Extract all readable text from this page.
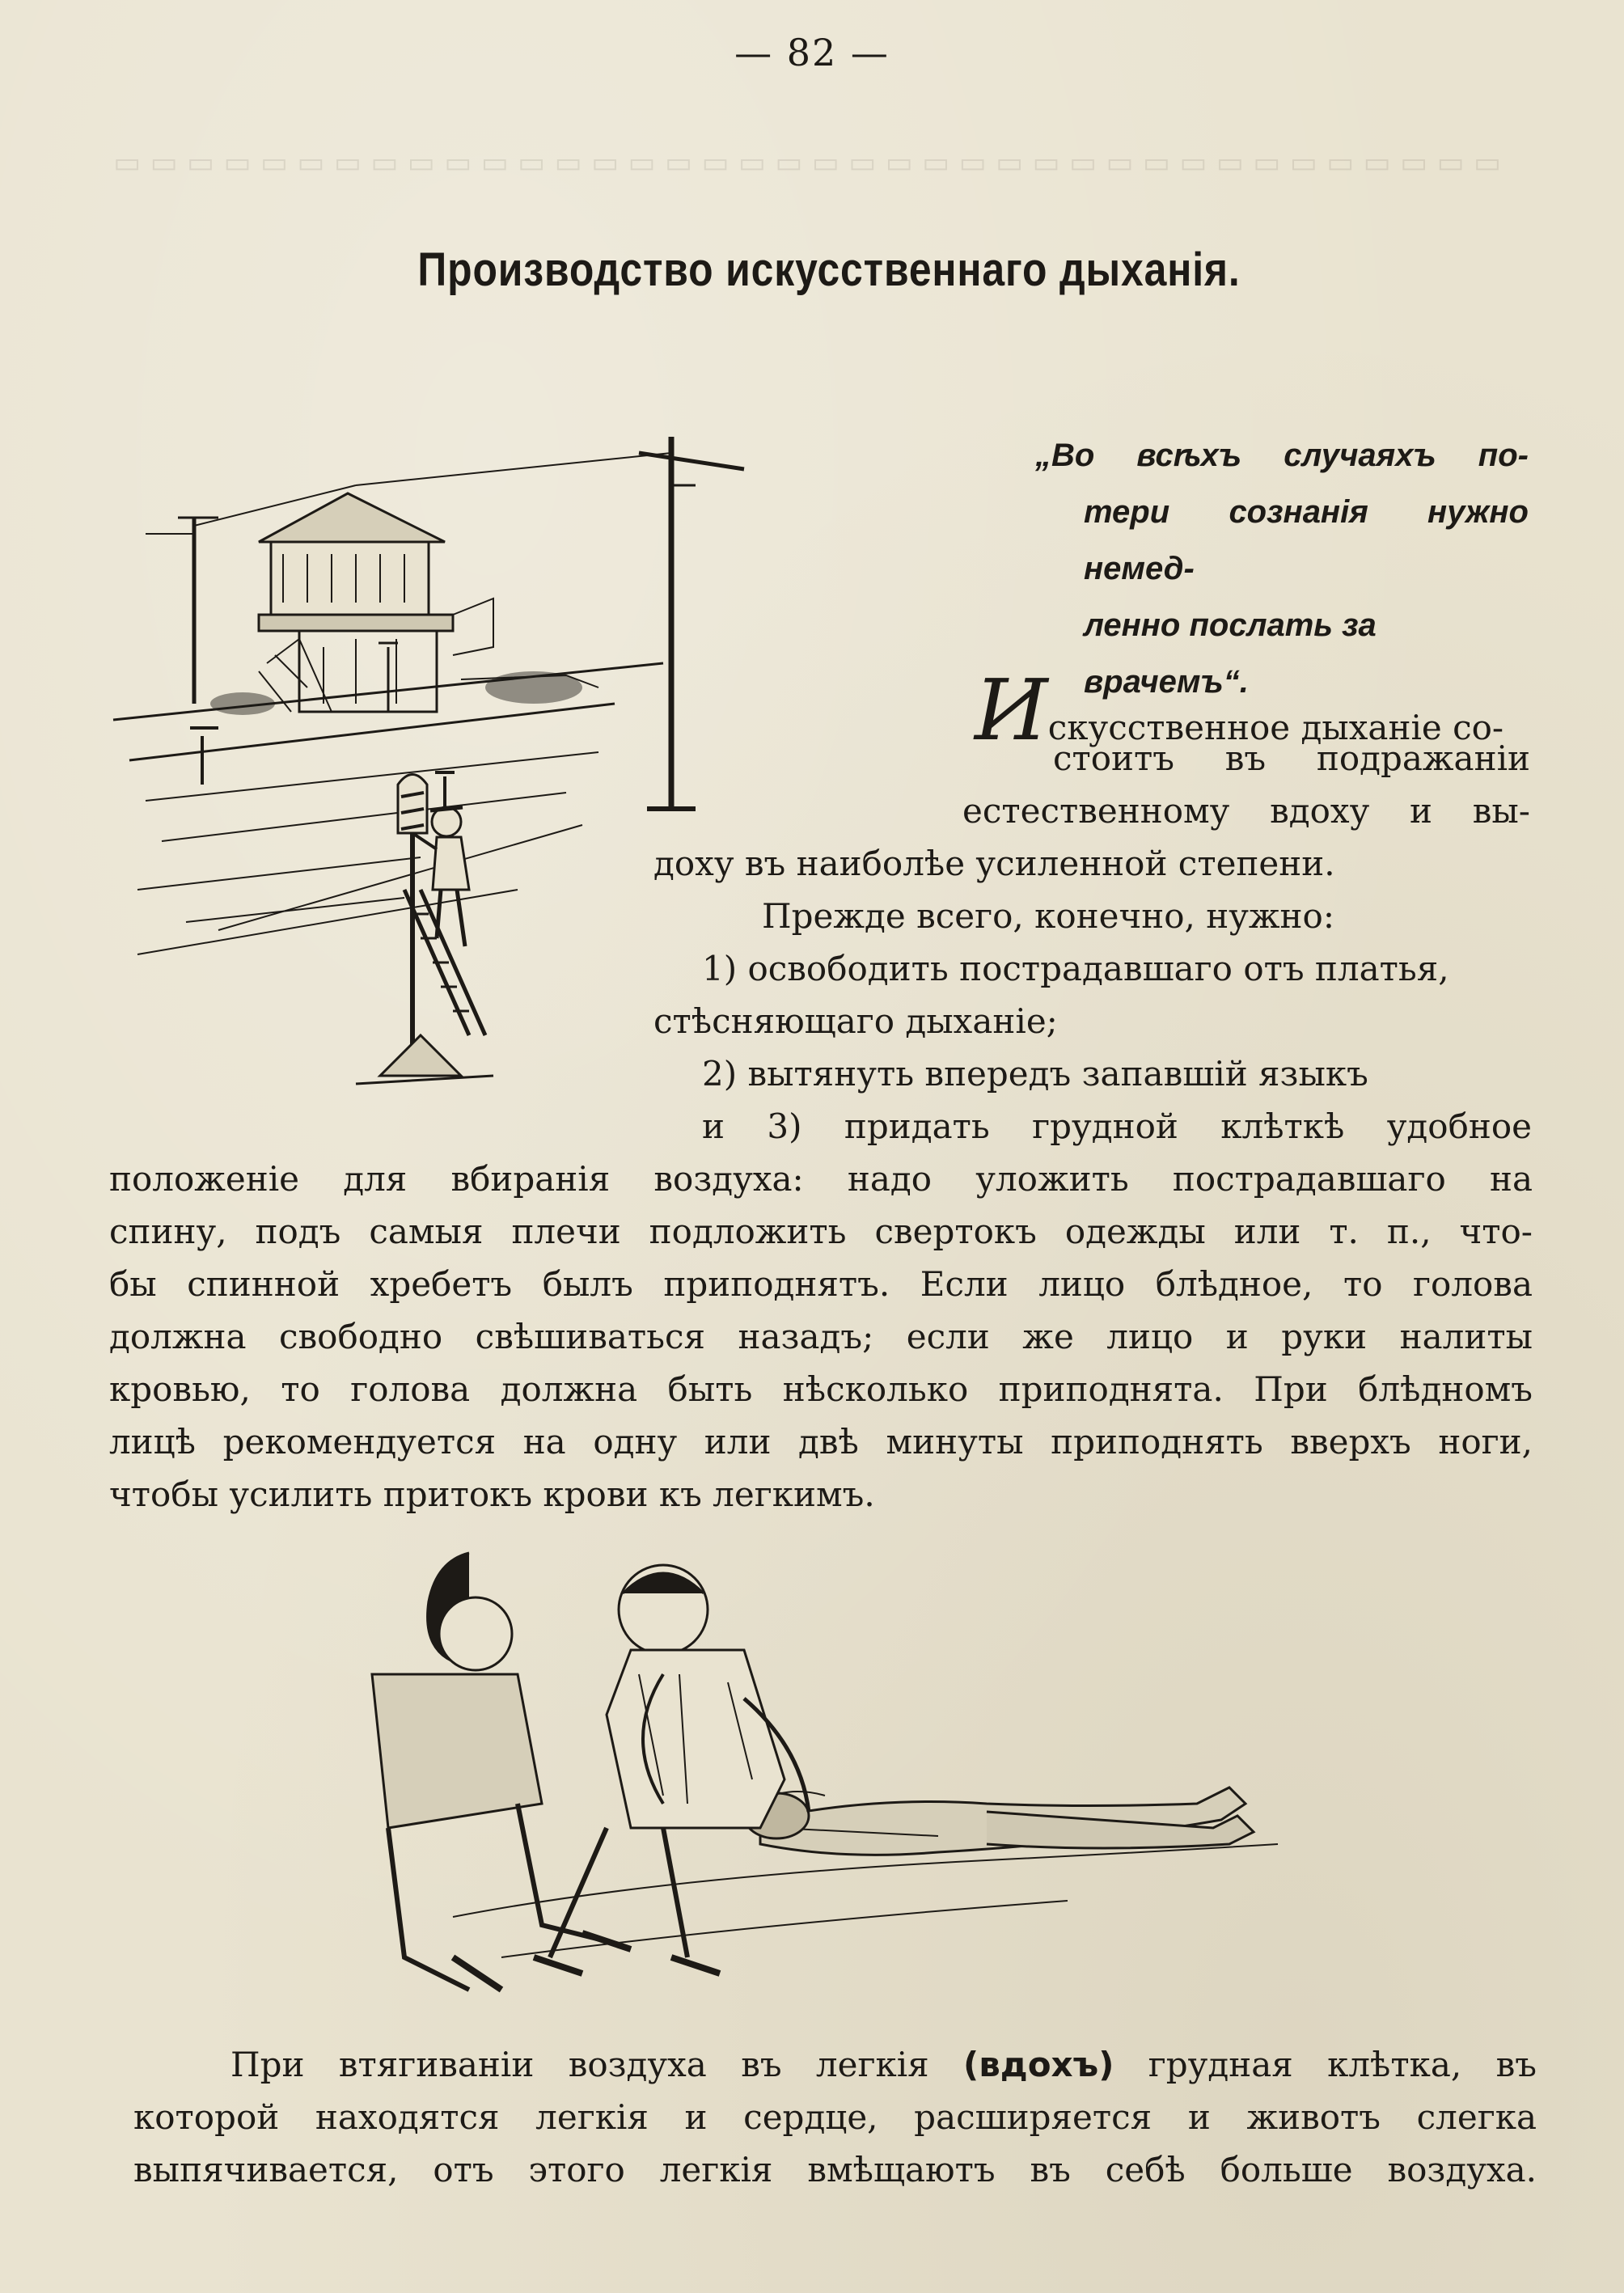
— 82 —
▭ ▭ ▭ ▭ ▭ ▭ ▭ ▭ ▭ ▭ ▭ ▭ ▭ ▭ ▭ ▭ ▭ ▭ ▭ ▭ ▭ ▭ ▭ ▭ ▭ ▭ ▭ ▭ ▭ ▭ ▭ ▭ ▭ ▭ ▭ ▭ ▭ ▭
Производство искусственнаго дыханія.
„Во всѣхъ случаяхъ по-
тери сознанія нужно немед-
ленно послать за врачемъ“.
Искусственное дыханіе со-
стоитъ въ подражаніи
естественному вдоху и вы-
доху въ наиболѣе усиленной степени.
Прежде всего, конечно, нужно:
1) освободить пострадавшаго отъ платья,
стѣсняющаго дыханіе;
2) вытянуть впередъ запавшій языкъ
и 3) придать грудной клѣткѣ удобное
положеніе для вбиранія воздуха: надо уложить пострадавшаго на
спину, подъ самыя плечи подложить свертокъ одежды или т. п., что-
бы спинной хребетъ былъ приподнятъ. Если лицо блѣдное, то голова
должна свободно свѣшиваться назадъ; если же лицо и руки налиты
кровью, то голова должна быть нѣсколько приподнята. При блѣдномъ
лицѣ рекомендуется на одну или двѣ минуты приподнять вверхъ ноги,
чтобы усилить притокъ крови къ легкимъ.
При втягиваніи воздуха въ легкія (вдохъ) грудная клѣтка, въ
которой находятся легкія и сердце, расширяется и животъ слегка
выпячивается, отъ этого легкія вмѣщаютъ въ себѣ больше воздуха.
